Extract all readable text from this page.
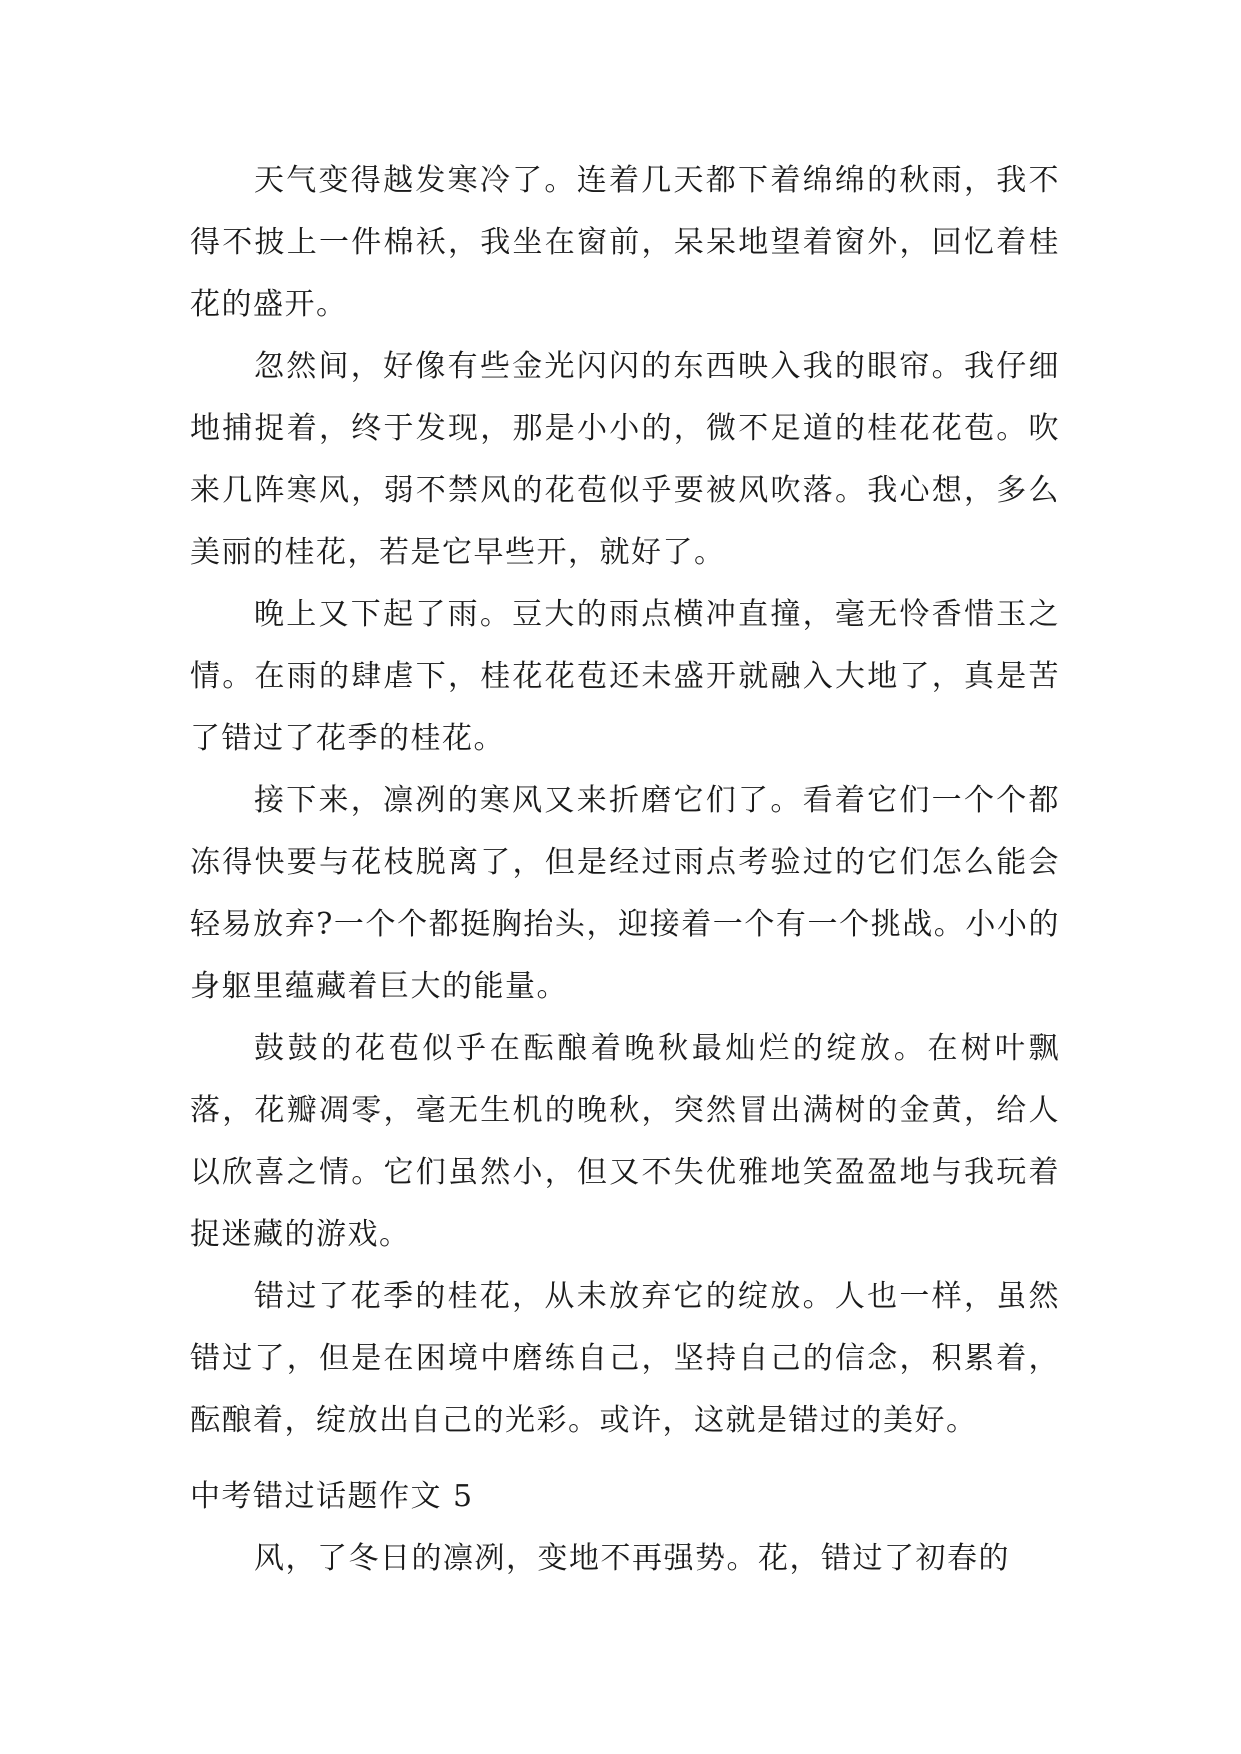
天气变得越发寒冷了。连着几天都下着绵绵的秋雨，我不得不披上一件棉袄，我坐在窗前，呆呆地望着窗外，回忆着桂花的盛开。

忽然间，好像有些金光闪闪的东西映入我的眼帘。我仔细地捕捉着，终于发现，那是小小的，微不足道的桂花花苞。吹来几阵寒风，弱不禁风的花苞似乎要被风吹落。我心想，多么美丽的桂花，若是它早些开，就好了。

晚上又下起了雨。豆大的雨点横冲直撞，毫无怜香惜玉之情。在雨的肆虐下，桂花花苞还未盛开就融入大地了，真是苦了错过了花季的桂花。

接下来，凛冽的寒风又来折磨它们了。看着它们一个个都冻得快要与花枝脱离了，但是经过雨点考验过的它们怎么能会轻易放弃?一个个都挺胸抬头，迎接着一个有一个挑战。小小的身躯里蕴藏着巨大的能量。

鼓鼓的花苞似乎在酝酿着晚秋最灿烂的绽放。在树叶飘落，花瓣凋零，毫无生机的晚秋，突然冒出满树的金黄，给人以欣喜之情。它们虽然小，但又不失优雅地笑盈盈地与我玩着捉迷藏的游戏。

错过了花季的桂花，从未放弃它的绽放。人也一样，虽然错过了，但是在困境中磨练自己，坚持自己的信念，积累着，酝酿着，绽放出自己的光彩。或许，这就是错过的美好。

中考错过话题作文 5

风，了冬日的凛冽，变地不再强势。花，错过了初春的
